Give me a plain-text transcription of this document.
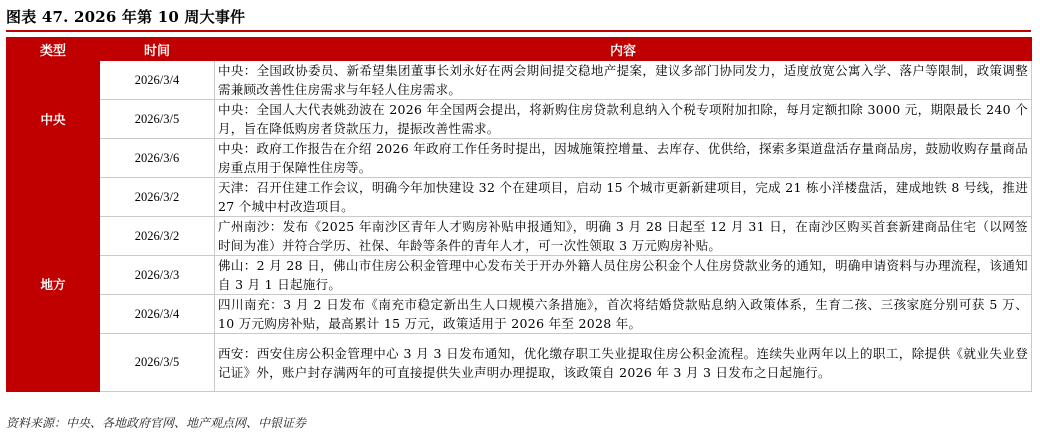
图表 47. 2026 年第 10 周大事件
类型	时间	内容
中央	2026/3/4	中央：全国政协委员、新希望集团董事长刘永好在两会期间提交稳地产提案，建议多部门协同发力，适度放宽公寓入学、落户等限制，政策调整需兼顾改善性住房需求与年轻人住房需求。
	2026/3/5	中央：全国人大代表姚劲波在 2026 年全国两会提出，将新购住房贷款利息纳入个税专项附加扣除，每月定额扣除 3000 元，期限最长 240 个月，旨在降低购房者贷款压力，提振改善性需求。
	2026/3/6	中央：政府工作报告在介绍 2026 年政府工作任务时提出，因城施策控增量、去库存、优供给，探索多渠道盘活存量商品房，鼓励收购存量商品房重点用于保障性住房等。
地方	2026/3/2	天津：召开住建工作会议，明确今年加快建设 32 个在建项目，启动 15 个城市更新新建项目，完成 21 栋小洋楼盘活，建成地铁 8 号线，推进 27 个城中村改造项目。
	2026/3/2	广州南沙：发布《2025 年南沙区青年人才购房补贴申报通知》，明确 3 月 28 日起至 12 月 31 日，在南沙区购买首套新建商品住宅（以网签时间为准）并符合学历、社保、年龄等条件的青年人才，可一次性领取 3 万元购房补贴。
	2026/3/3	佛山：2 月 28 日，佛山市住房公积金管理中心发布关于开办外籍人员住房公积金个人住房贷款业务的通知，明确申请资料与办理流程，该通知自 3 月 1 日起施行。
	2026/3/4	四川南充：3 月 2 日发布《南充市稳定新出生人口规模六条措施》，首次将结婚贷款贴息纳入政策体系，生育二孩、三孩家庭分别可获 5 万、10 万元购房补贴，最高累计 15 万元，政策适用于 2026 年至 2028 年。
	2026/3/5	西安：西安住房公积金管理中心 3 月 3 日发布通知，优化缴存职工失业提取住房公积金流程。连续失业两年以上的职工，除提供《就业失业登记证》外，账户封存满两年的可直接提供失业声明办理提取，该政策自 2026 年 3 月 3 日发布之日起施行。
资料来源：中央、各地政府官网、地产观点网、中银证券
